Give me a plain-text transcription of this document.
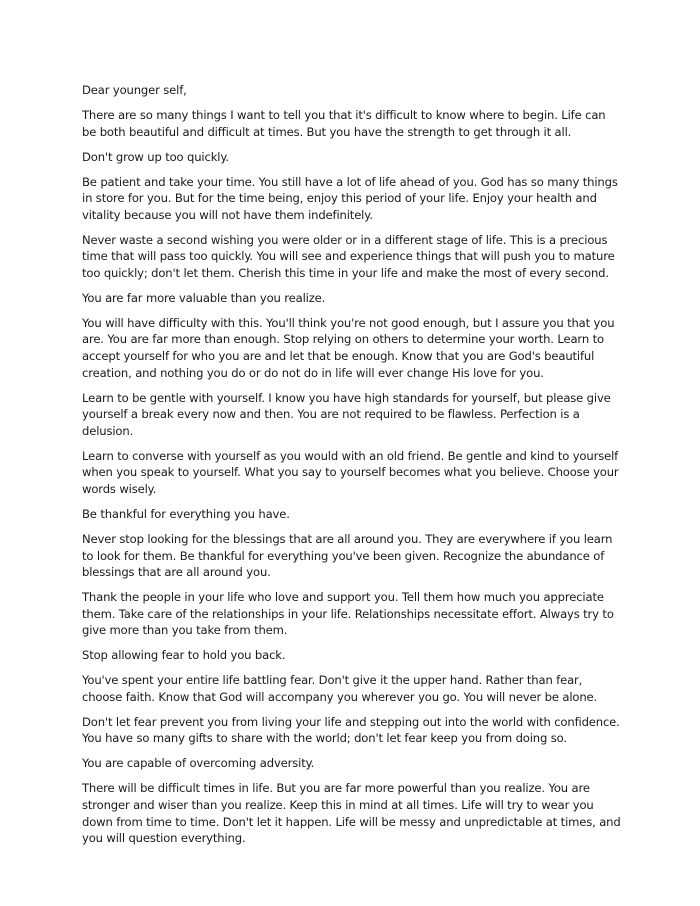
Dear younger self,

There are so many things I want to tell you that it's difficult to know where to begin. Life can be both beautiful and difficult at times. But you have the strength to get through it all.

Don't grow up too quickly.

Be patient and take your time. You still have a lot of life ahead of you. God has so many things in store for you. But for the time being, enjoy this period of your life. Enjoy your health and vitality because you will not have them indefinitely.

Never waste a second wishing you were older or in a different stage of life. This is a precious time that will pass too quickly. You will see and experience things that will push you to mature too quickly; don't let them. Cherish this time in your life and make the most of every second.

You are far more valuable than you realize.

You will have difficulty with this. You'll think you're not good enough, but I assure you that you are. You are far more than enough. Stop relying on others to determine your worth. Learn to accept yourself for who you are and let that be enough. Know that you are God's beautiful creation, and nothing you do or do not do in life will ever change His love for you.

Learn to be gentle with yourself. I know you have high standards for yourself, but please give yourself a break every now and then. You are not required to be flawless. Perfection is a delusion.

Learn to converse with yourself as you would with an old friend. Be gentle and kind to yourself when you speak to yourself. What you say to yourself becomes what you believe. Choose your words wisely.

Be thankful for everything you have.

Never stop looking for the blessings that are all around you. They are everywhere if you learn to look for them. Be thankful for everything you've been given. Recognize the abundance of blessings that are all around you.

Thank the people in your life who love and support you. Tell them how much you appreciate them. Take care of the relationships in your life. Relationships necessitate effort. Always try to give more than you take from them.

Stop allowing fear to hold you back.

You've spent your entire life battling fear. Don't give it the upper hand. Rather than fear, choose faith. Know that God will accompany you wherever you go. You will never be alone.

Don't let fear prevent you from living your life and stepping out into the world with confidence. You have so many gifts to share with the world; don't let fear keep you from doing so.

You are capable of overcoming adversity.

There will be difficult times in life. But you are far more powerful than you realize. You are stronger and wiser than you realize. Keep this in mind at all times. Life will try to wear you down from time to time. Don't let it happen. Life will be messy and unpredictable at times, and you will question everything.
